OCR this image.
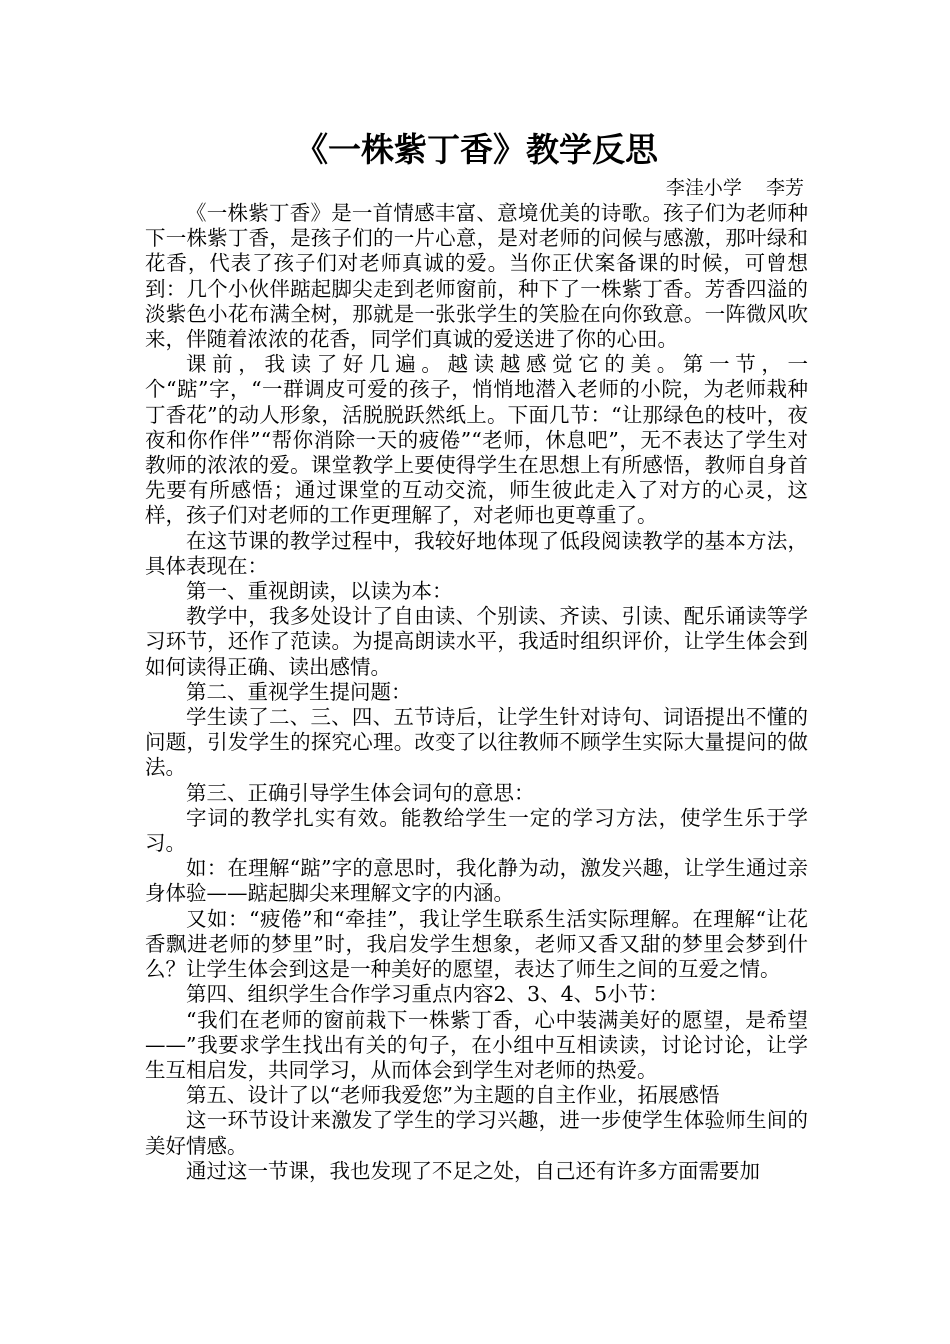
《一株紫丁香》教学反思
李洼小学    李芳

《一株紫丁香》是一首情感丰富、意境优美的诗歌。孩子们为老师种下一株紫丁香，是孩子们的一片心意，是对老师的问候与感激，那叶绿和花香，代表了孩子们对老师真诚的爱。当你正伏案备课的时候，可曾想到：几个小伙伴踮起脚尖走到老师窗前，种下了一株紫丁香。芳香四溢的淡紫色小花布满全树，那就是一张张学生的笑脸在向你致意。一阵微风吹来，伴随着浓浓的花香，同学们真诚的爱送进了你的心田。

课前，我读了好几遍。越读越感觉它的美。第一节，一个“踮”字，“一群调皮可爱的孩子，悄悄地潜入老师的小院，为老师栽种丁香花”的动人形象，活脱脱跃然纸上。下面几节：“让那绿色的枝叶，夜夜和你作伴”“帮你消除一天的疲倦”“老师，休息吧”，无不表达了学生对教师的浓浓的爱。课堂教学上要使得学生在思想上有所感悟，教师自身首先要有所感悟；通过课堂的互动交流，师生彼此走入了对方的心灵，这样，孩子们对老师的工作更理解了，对老师也更尊重了。

在这节课的教学过程中，我较好地体现了低段阅读教学的基本方法，具体表现在：

第一、重视朗读，以读为本：

教学中，我多处设计了自由读、个别读、齐读、引读、配乐诵读等学习环节，还作了范读。为提高朗读水平，我适时组织评价，让学生体会到如何读得正确、读出感情。

第二、重视学生提问题：

学生读了二、三、四、五节诗后，让学生针对诗句、词语提出不懂的问题，引发学生的探究心理。改变了以往教师不顾学生实际大量提问的做法。

第三、正确引导学生体会词句的意思：

字词的教学扎实有效。能教给学生一定的学习方法，使学生乐于学习。

如：在理解“踮”字的意思时，我化静为动，激发兴趣，让学生通过亲身体验——踮起脚尖来理解文字的内涵。

又如：“疲倦”和“牵挂”，我让学生联系生活实际理解。在理解“让花香飘进老师的梦里”时，我启发学生想象，老师又香又甜的梦里会梦到什么？让学生体会到这是一种美好的愿望，表达了师生之间的互爱之情。

第四、组织学生合作学习重点内容2、3、4、5小节：

“我们在老师的窗前栽下一株紫丁香，心中装满美好的愿望，是希望——”我要求学生找出有关的句子，在小组中互相读读，讨论讨论，让学生互相启发，共同学习，从而体会到学生对老师的热爱。

第五、设计了以“老师我爱您”为主题的自主作业，拓展感悟

这一环节设计来激发了学生的学习兴趣，进一步使学生体验师生间的美好情感。

通过这一节课，我也发现了不足之处，自己还有许多方面需要加
